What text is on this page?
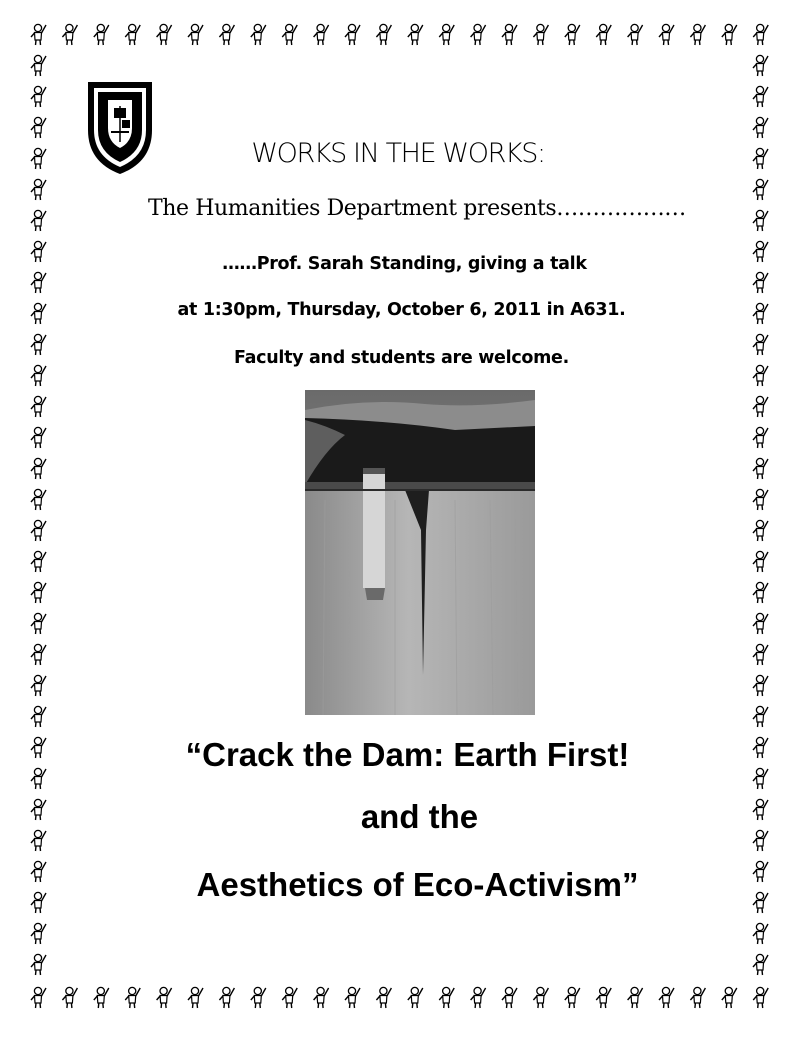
WORKS IN THE WORKS:
The Humanities Department presents………………
……Prof. Sarah Standing, giving a talk
at 1:30pm, Thursday, October 6, 2011 in A631.
Faculty and students are welcome.
“Crack the Dam: Earth First!
and the
Aesthetics of Eco-Activism”
